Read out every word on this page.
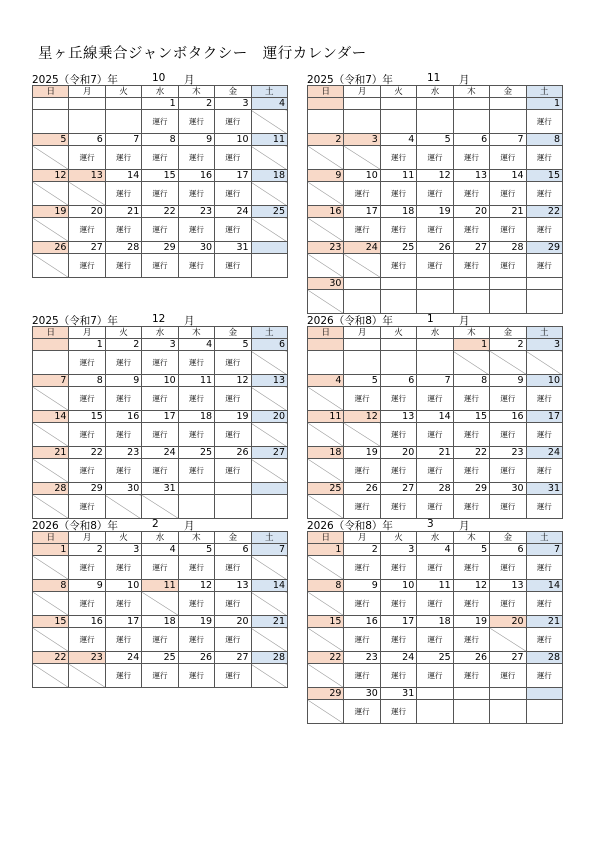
星ヶ丘線乗合ジャンボタクシー　運行カレンダー
2025（令和7）年	10 月
日	月	火	水	木	金	土
			1	2	3	4
			運行	運行	運行	
5	6	7	8	9	10	11
	運行	運行	運行	運行	運行	
12	13	14	15	16	17	18
		運行	運行	運行	運行	
19	20	21	22	23	24	25
	運行	運行	運行	運行	運行	
26	27	28	29	30	31	
	運行	運行	運行	運行	運行	
2025（令和7）年	11 月
日	月	火	水	木	金	土
						1
						運行
2	3	4	5	6	7	8
		運行	運行	運行	運行	運行
9	10	11	12	13	14	15
	運行	運行	運行	運行	運行	運行
16	17	18	19	20	21	22
	運行	運行	運行	運行	運行	運行
23	24	25	26	27	28	29
		運行	運行	運行	運行	運行
30						

2025（令和7）年	12 月
日	月	火	水	木	金	土
	1	2	3	4	5	6
	運行	運行	運行	運行	運行	
7	8	9	10	11	12	13
	運行	運行	運行	運行	運行	
14	15	16	17	18	19	20
	運行	運行	運行	運行	運行	
21	22	23	24	25	26	27
	運行	運行	運行	運行	運行	
28	29	30	31			
	運行					
2026（令和8）年	1 月
日	月	火	水	木	金	土
				1	2	3

4	5	6	7	8	9	10
	運行	運行	運行	運行	運行	運行
11	12	13	14	15	16	17
		運行	運行	運行	運行	運行
18	19	20	21	22	23	24
	運行	運行	運行	運行	運行	運行
25	26	27	28	29	30	31
	運行	運行	運行	運行	運行	運行
2026（令和8）年	2 月
日	月	火	水	木	金	土
1	2	3	4	5	6	7
	運行	運行	運行	運行	運行	
8	9	10	11	12	13	14
	運行	運行		運行	運行	
15	16	17	18	19	20	21
	運行	運行	運行	運行	運行	
22	23	24	25	26	27	28
		運行	運行	運行	運行	
2026（令和8）年	3 月
日	月	火	水	木	金	土
1	2	3	4	5	6	7
	運行	運行	運行	運行	運行	運行
8	9	10	11	12	13	14
	運行	運行	運行	運行	運行	運行
15	16	17	18	19	20	21
	運行	運行	運行	運行		運行
22	23	24	25	26	27	28
	運行	運行	運行	運行	運行	運行
29	30	31				
	運行	運行				
